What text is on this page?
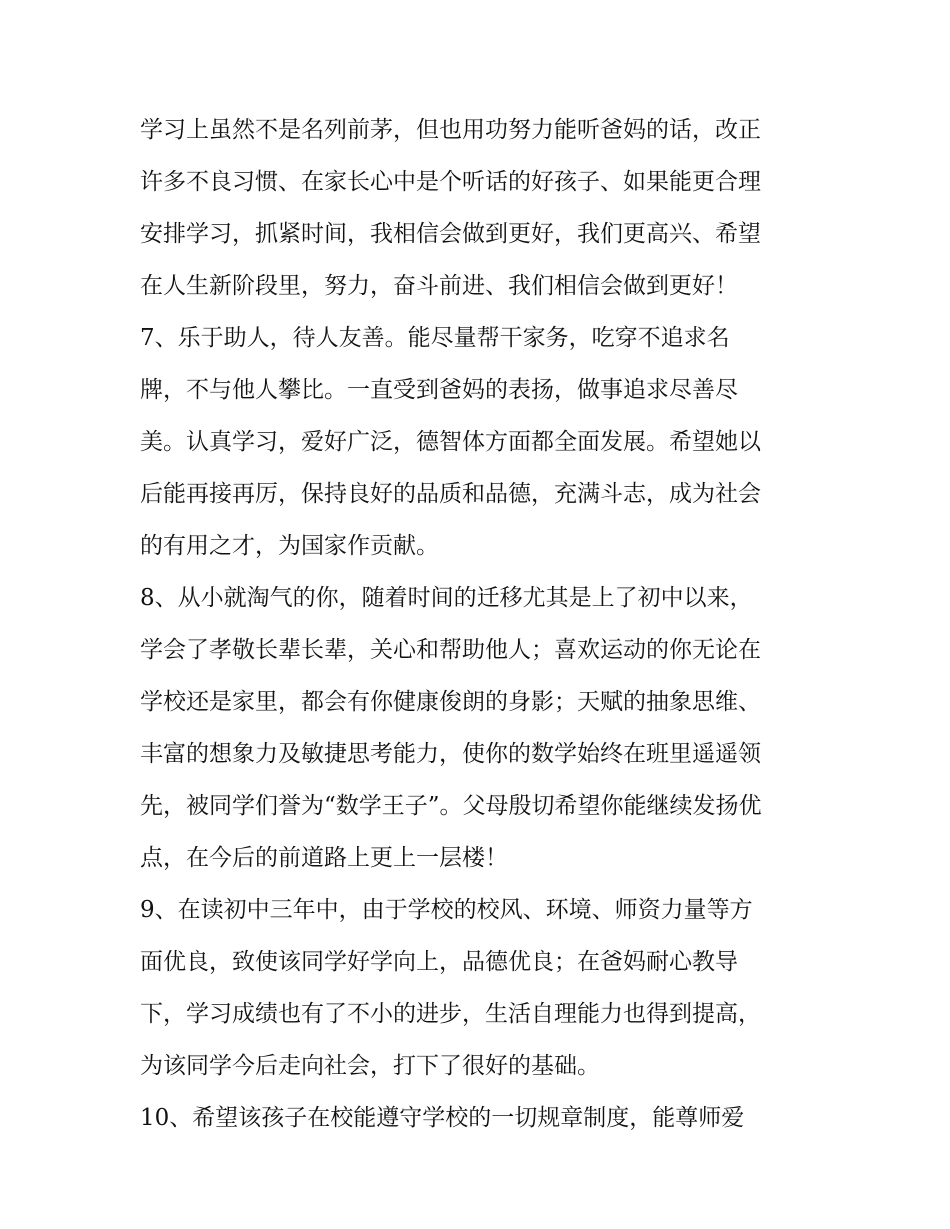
学习上虽然不是名列前茅，但也用功努力能听爸妈的话，改正
许多不良习惯、在家长心中是个听话的好孩子、如果能更合理
安排学习，抓紧时间，我相信会做到更好，我们更高兴、希望
在人生新阶段里，努力，奋斗前进、我们相信会做到更好！
7、乐于助人，待人友善。能尽量帮干家务，吃穿不追求名
牌，不与他人攀比。一直受到爸妈的表扬，做事追求尽善尽
美。认真学习，爱好广泛，德智体方面都全面发展。希望她以
后能再接再厉，保持良好的品质和品德，充满斗志，成为社会
的有用之才，为国家作贡献。
8、从小就淘气的你，随着时间的迁移尤其是上了初中以来，
学会了孝敬长辈长辈，关心和帮助他人；喜欢运动的你无论在
学校还是家里，都会有你健康俊朗的身影；天赋的抽象思维、
丰富的想象力及敏捷思考能力，使你的数学始终在班里遥遥领
先，被同学们誉为“数学王子”。父母殷切希望你能继续发扬优
点，在今后的前道路上更上一层楼！
9、在读初中三年中，由于学校的校风、环境、师资力量等方
面优良，致使该同学好学向上，品德优良；在爸妈耐心教导
下，学习成绩也有了不小的进步，生活自理能力也得到提高，
为该同学今后走向社会，打下了很好的基础。
10、希望该孩子在校能遵守学校的一切规章制度，能尊师爱
